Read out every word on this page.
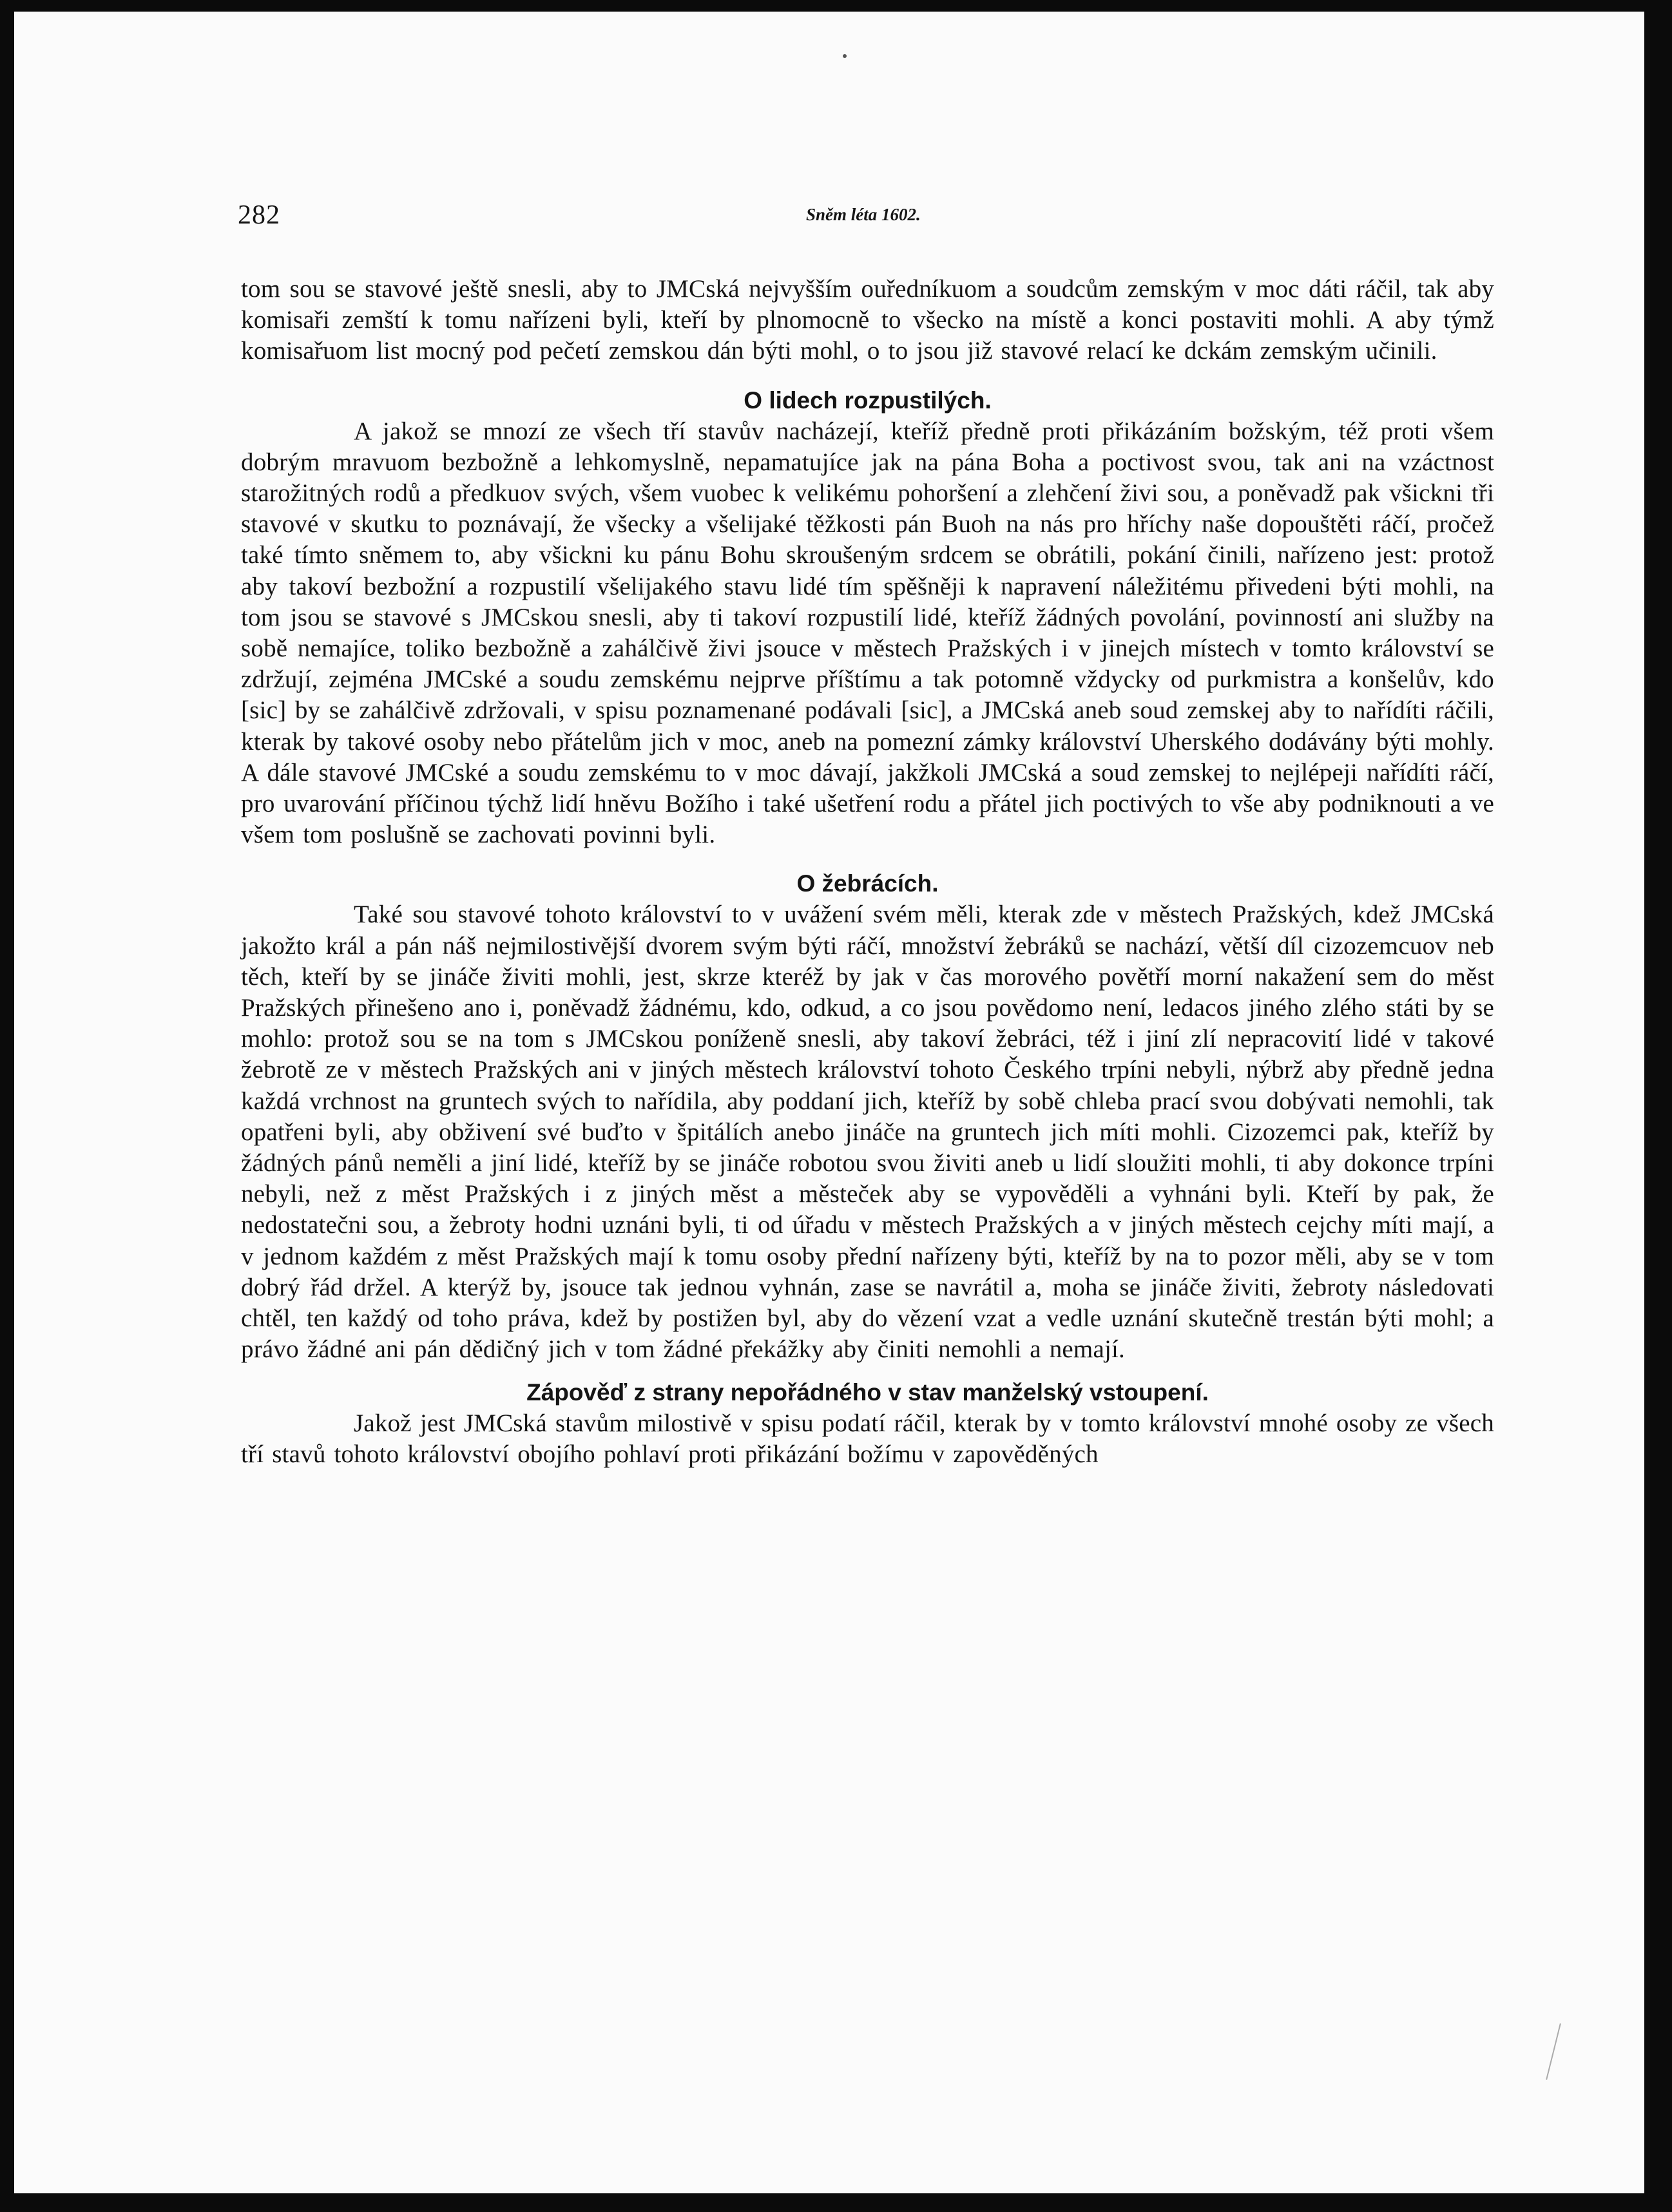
282	Sněm léta 1602.

tom sou se stavové ještě snesli, aby to JMCská nejvyšším ouředníkuom a soudcům zemským v moc dáti ráčil, tak aby komisaři zemští k tomu nařízeni byli, kteří by plnomocně to všecko na místě a konci postaviti mohli. A aby týmž komisařuom list mocný pod pečetí zemskou dán býti mohl, o to jsou již stavové relací ke dckám zemským učinili.

O lidech rozpustilých.

A jakož se mnozí ze všech tří stavův nacházejí, kteříž předně proti přikázáním božským, též proti všem dobrým mravuom bezbožně a lehkomyslně, nepamatujíce jak na pána Boha a poctivost svou, tak ani na vzáctnost starožitných rodů a předkuov svých, všem vuobec k velikému pohoršení a zlehčení živi sou, a poněvadž pak všickni tři stavové v skutku to poznávají, že všecky a všelijaké těžkosti pán Buoh na nás pro hříchy naše dopouštěti ráčí, pročež také tímto sněmem to, aby všickni ku pánu Bohu skroušeným srdcem se obrátili, pokání činili, nařízeno jest: protož aby takoví bezbožní a rozpustilí všelijakého stavu lidé tím spěšněji k napravení náležitému přivedeni býti mohli, na tom jsou se stavové s JMCskou snesli, aby ti takoví rozpustilí lidé, kteříž žádných povolání, povinností ani služby na sobě nemajíce, toliko bezbožně a zahálčivě živi jsouce v městech Pražských i v jinejch místech v tomto království se zdržují, zejména JMCské a soudu zemskému nejprve příštímu a tak potomně vždycky od purkmistra a konšelův, kdo [sic] by se zahálčivě zdržovali, v spisu poznamenané podávali [sic], a JMCská aneb soud zemskej aby to nařídíti ráčili, kterak by takové osoby nebo přátelům jich v moc, aneb na pomezní zámky království Uherského dodávány býti mohly. A dále stavové JMCské a soudu zemskému to v moc dávají, jakžkoli JMCská a soud zemskej to nejlépeji nařídíti ráčí, pro uvarování příčinou týchž lidí hněvu Božího i také ušetření rodu a přátel jich poctivých to vše aby podniknouti a ve všem tom poslušně se zachovati povinni byli.

O žebrácích.

Také sou stavové tohoto království to v uvážení svém měli, kterak zde v městech Pražských, kdež JMCská jakožto král a pán náš nejmilostivější dvorem svým býti ráčí, množství žebráků se nachází, větší díl cizozemcuov neb těch, kteří by se jináče živiti mohli, jest, skrze kteréž by jak v čas morového povětří morní nakažení sem do měst Pražských přinešeno ano i, poněvadž žádnému, kdo, odkud, a co jsou povědomo není, ledacos jiného zlého státi by se mohlo: protož sou se na tom s JMCskou poníženě snesli, aby takoví žebráci, též i jiní zlí nepracovití lidé v takové žebrotě ze v městech Pražských ani v jiných městech království tohoto Českého trpíni nebyli, nýbrž aby předně jedna každá vrchnost na gruntech svých to nařídila, aby poddaní jich, kteříž by sobě chleba prací svou dobývati nemohli, tak opatřeni byli, aby obživení své buďto v špitálích anebo jináče na gruntech jich míti mohli. Cizozemci pak, kteříž by žádných pánů neměli a jiní lidé, kteříž by se jináče robotou svou živiti aneb u lidí sloužiti mohli, ti aby dokonce trpíni nebyli, než z měst Pražských i z jiných měst a městeček aby se vypověděli a vyhnáni byli. Kteří by pak, že nedostatečni sou, a žebroty hodni uznáni byli, ti od úřadu v městech Pražských a v jiných městech cejchy míti mají, a v jednom každém z měst Pražských mají k tomu osoby přední nařízeny býti, kteříž by na to pozor měli, aby se v tom dobrý řád držel. A kterýž by, jsouce tak jednou vyhnán, zase se navrátil a, moha se jináče živiti, žebroty následovati chtěl, ten každý od toho práva, kdež by postižen byl, aby do vězení vzat a vedle uznání skutečně trestán býti mohl; a právo žádné ani pán dědičný jich v tom žádné překážky aby činiti nemohli a nemají.

Zápověď z strany nepořádného v stav manželský vstoupení.

Jakož jest JMCská stavům milostivě v spisu podatí ráčil, kterak by v tomto království mnohé osoby ze všech tří stavů tohoto království obojího pohlaví proti přikázání božímu v zapověděných
